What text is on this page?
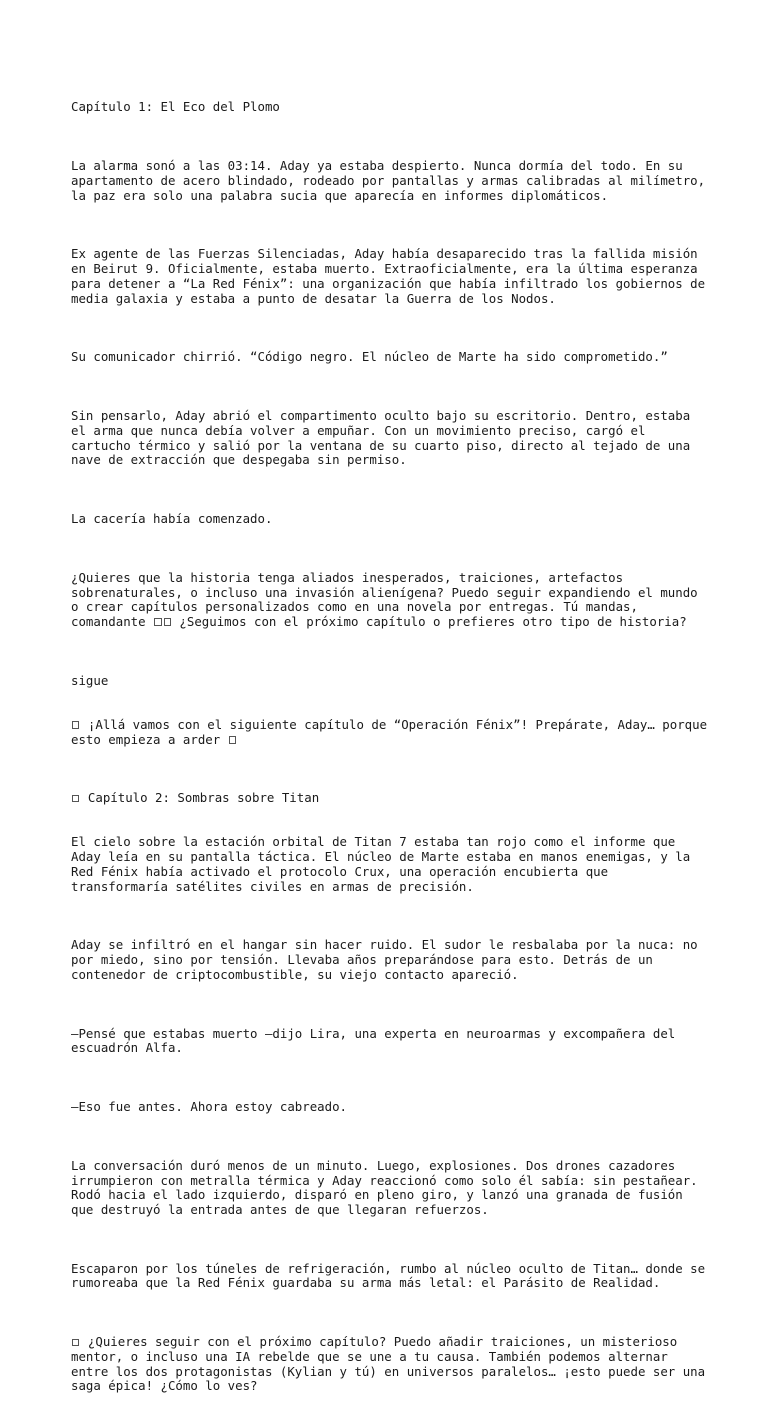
Capítulo 1: El Eco del Plomo

La alarma sonó a las 03:14. Aday ya estaba despierto. Nunca dormía del todo. En su apartamento de acero blindado, rodeado por pantallas y armas calibradas al milímetro, la paz era solo una palabra sucia que aparecía en informes diplomáticos.

Ex agente de las Fuerzas Silenciadas, Aday había desaparecido tras la fallida misión en Beirut 9. Oficialmente, estaba muerto. Extraoficialmente, era la última esperanza para detener a “La Red Fénix”: una organización que había infiltrado los gobiernos de media galaxia y estaba a punto de desatar la Guerra de los Nodos.

Su comunicador chirrió. “Código negro. El núcleo de Marte ha sido comprometido.”

Sin pensarlo, Aday abrió el compartimento oculto bajo su escritorio. Dentro, estaba el arma que nunca debía volver a empuñar. Con un movimiento preciso, cargó el cartucho térmico y salió por la ventana de su cuarto piso, directo al tejado de una nave de extracción que despegaba sin permiso.

La cacería había comenzado.

¿Quieres que la historia tenga aliados inesperados, traiciones, artefactos sobrenaturales, o incluso una invasión alienígena? Puedo seguir expandiendo el mundo o crear capítulos personalizados como en una novela por entregas. Tú mandas, comandante  ¿Seguimos con el próximo capítulo o prefieres otro tipo de historia?

sigue

¡Allá vamos con el siguiente capítulo de “Operación Fénix”! Prepárate, Aday… porque esto empieza a arder

Capítulo 2: Sombras sobre Titan

El cielo sobre la estación orbital de Titan 7 estaba tan rojo como el informe que Aday leía en su pantalla táctica. El núcleo de Marte estaba en manos enemigas, y la Red Fénix había activado el protocolo Crux, una operación encubierta que transformaría satélites civiles en armas de precisión.

Aday se infiltró en el hangar sin hacer ruido. El sudor le resbalaba por la nuca: no por miedo, sino por tensión. Llevaba años preparándose para esto. Detrás de un contenedor de criptocombustible, su viejo contacto apareció.

—Pensé que estabas muerto —dijo Lira, una experta en neuroarmas y excompañera del escuadrón Alfa.

—Eso fue antes. Ahora estoy cabreado.

La conversación duró menos de un minuto. Luego, explosiones. Dos drones cazadores irrumpieron con metralla térmica y Aday reaccionó como solo él sabía: sin pestañear. Rodó hacia el lado izquierdo, disparó en pleno giro, y lanzó una granada de fusión que destruyó la entrada antes de que llegaran refuerzos.

Escaparon por los túneles de refrigeración, rumbo al núcleo oculto de Titan… donde se rumoreaba que la Red Fénix guardaba su arma más letal: el Parásito de Realidad.

¿Quieres seguir con el próximo capítulo? Puedo añadir traiciones, un misterioso mentor, o incluso una IA rebelde que se une a tu causa. También podemos alternar entre los dos protagonistas (Kylian y tú) en universos paralelos… ¡esto puede ser una saga épica! ¿Cómo lo ves?
